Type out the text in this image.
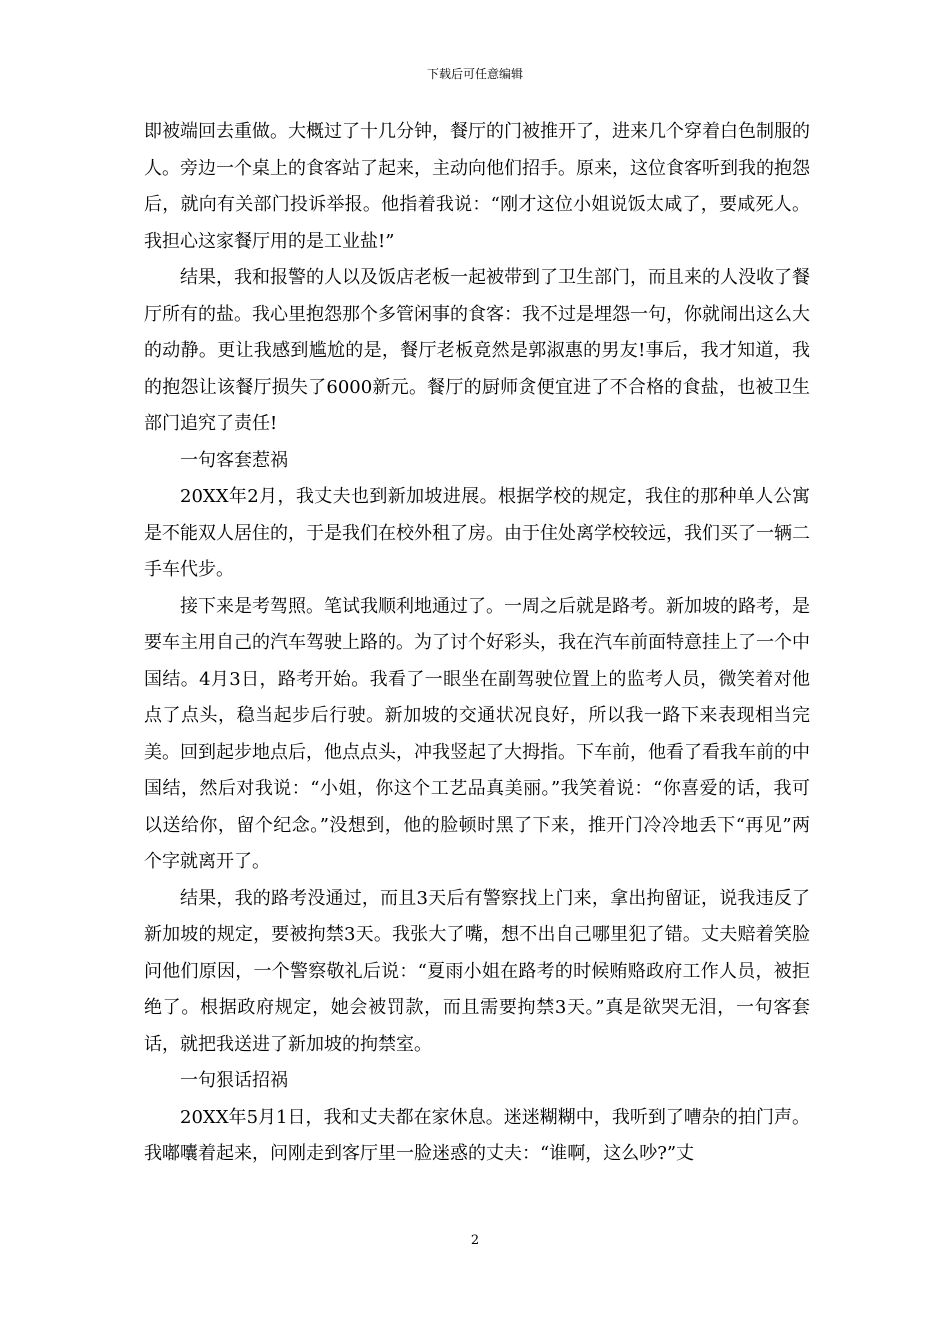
下载后可任意编辑

即被端回去重做。大概过了十几分钟，餐厅的门被推开了，进来几个穿着白色制服的人。旁边一个桌上的食客站了起来，主动向他们招手。原来，这位食客听到我的抱怨后，就向有关部门投诉举报。他指着我说：“刚才这位小姐说饭太咸了，要咸死人。我担心这家餐厅用的是工业盐!”

结果，我和报警的人以及饭店老板一起被带到了卫生部门，而且来的人没收了餐厅所有的盐。我心里抱怨那个多管闲事的食客：我不过是埋怨一句，你就闹出这么大的动静。更让我感到尴尬的是，餐厅老板竟然是郭淑惠的男友!事后，我才知道，我的抱怨让该餐厅损失了6000新元。餐厅的厨师贪便宜进了不合格的食盐，也被卫生部门追究了责任!

一句客套惹祸

20XX年2月，我丈夫也到新加坡进展。根据学校的规定，我住的那种单人公寓是不能双人居住的，于是我们在校外租了房。由于住处离学校较远，我们买了一辆二手车代步。

接下来是考驾照。笔试我顺利地通过了。一周之后就是路考。新加坡的路考，是要车主用自己的汽车驾驶上路的。为了讨个好彩头，我在汽车前面特意挂上了一个中国结。4月3日，路考开始。我看了一眼坐在副驾驶位置上的监考人员，微笑着对他点了点头，稳当起步后行驶。新加坡的交通状况良好，所以我一路下来表现相当完美。回到起步地点后，他点点头，冲我竖起了大拇指。下车前，他看了看我车前的中国结，然后对我说：“小姐，你这个工艺品真美丽。”我笑着说：“你喜爱的话，我可以送给你，留个纪念。”没想到，他的脸顿时黑了下来，推开门冷冷地丢下“再见”两个字就离开了。

结果，我的路考没通过，而且3天后有警察找上门来，拿出拘留证，说我违反了新加坡的规定，要被拘禁3天。我张大了嘴，想不出自己哪里犯了错。丈夫赔着笑脸问他们原因，一个警察敬礼后说：“夏雨小姐在路考的时候贿赂政府工作人员，被拒绝了。根据政府规定，她会被罚款，而且需要拘禁3天。”真是欲哭无泪，一句客套话，就把我送进了新加坡的拘禁室。

一句狠话招祸

20XX年5月1日，我和丈夫都在家休息。迷迷糊糊中，我听到了嘈杂的拍门声。我嘟囔着起来，问刚走到客厅里一脸迷惑的丈夫：“谁啊，这么吵?”丈

2
